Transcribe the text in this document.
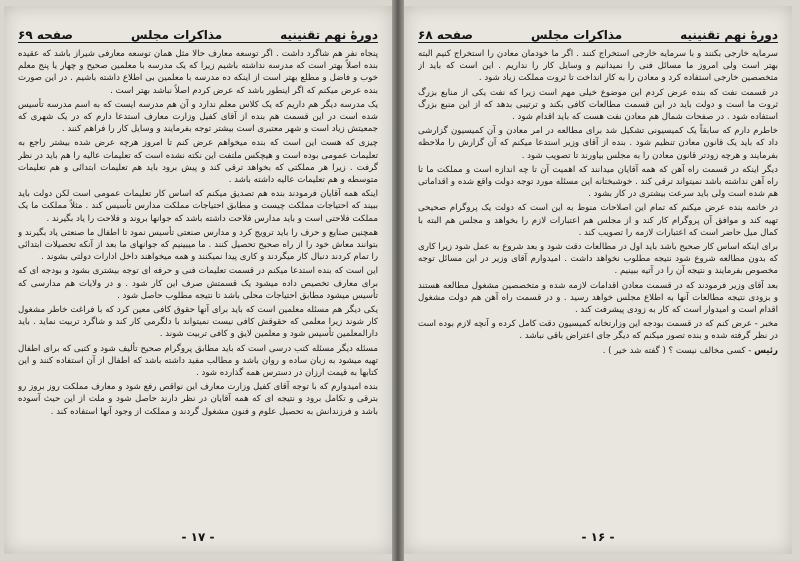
دورهٔ نهم تقنینیه
مذاکرات مجلس
صفحه ۶۹

پنجاه نفر هم شاگرد داشت . اگر توسعه معارف حالا مثل همان توسعه معارفی شیراز باشد که عقیده بنده اصلاً بهتر است که مدرسه نداشته باشیم زیرا که یک مدرسه با معلمین صحیح و چهار یا پنج معلم خوب و فاضل و مطلع بهتر است از اینکه ده مدرسه با معلمین بی اطلاع داشته باشیم . در این صورت بنده عرض میکنم که اگر اینطور باشد که عرض کردم اصلاً نباشد بهتر است .

یک مدرسه دیگر هم داریم که یک کلاس معلم ندارد و آن هم مدرسه ایست که به اسم مدرسه تأسیس شده است در این قسمت هم بنده از آقای کفیل وزارت معارف استدعا دارم که در یک شهری که جمعیتش زیاد است و شهر معتبری است بیشتر توجه بفرمایند و وسایل کار را فراهم کنند .

چیزی که هست این است که بنده میخواهم عرض کنم تا امروز هرچه عرض شده بیشتر راجع به تعلیمات عمومی بوده است و هیچکس ملتفت این نکته نشده است که تعلیمات عالیه را هم باید در نظر گرفت . زیرا هر مملکتی که بخواهد ترقی کند و پیش برود باید هم تعلیمات ابتدائی و هم تعلیمات متوسطه و هم تعلیمات عالیه داشته باشد .

اینکه همه آقایان فرمودند بنده هم تصدیق میکنم که اساس کار تعلیمات عمومی است لکن دولت باید ببیند که احتیاجات مملکت چیست و مطابق احتیاجات مملکت مدارس تأسیس کند . مثلاً مملکت ما یک مملکت فلاحتی است و باید مدارس فلاحت داشته باشد که جوانها بروند و فلاحت را یاد بگیرند .

همچنین صنایع و حرف را باید ترویج کرد و مدارس صنعتی تأسیس نمود تا اطفال ما صنعتی یاد بگیرند و بتوانند معاش خود را از راه صحیح تحصیل کنند . ما میبینیم که جوانهای ما بعد از آنکه تحصیلات ابتدائی را تمام کردند دنبال کار میگردند و کاری پیدا نمیکنند و همه میخواهند داخل ادارات دولتی بشوند .

این است که بنده استدعا میکنم در قسمت تعلیمات فنی و حرفه ای توجه بیشتری بشود و بودجه ای که برای معارف تخصیص داده میشود یک قسمتش صرف این کار شود . و در ولایات هم مدارسی که تأسیس میشود مطابق احتیاجات محلی باشد تا نتیجه مطلوب حاصل شود .

یکی دیگر هم مسئله معلمین است که باید برای آنها حقوق کافی معین کرد که با فراغت خاطر مشغول کار شوند زیرا معلمی که حقوقش کافی نیست نمیتواند با دلگرمی کار کند و شاگرد تربیت نماید . باید دارالمعلمین تأسیس شود و معلمین لایق و کافی تربیت شوند .

مسئله دیگر مسئله کتب درسی است که باید مطابق پروگرام صحیح تألیف شود و کتبی که برای اطفال تهیه میشود به زبان ساده و روان باشد و مطالب مفید داشته باشد که اطفال از آن استفاده کنند و این کتابها به قیمت ارزان در دسترس همه گذارده شود .

بنده امیدوارم که با توجه آقای کفیل وزارت معارف این نواقص رفع شود و معارف مملکت روز بروز رو بترقی و تکامل برود و نتیجه ای که همه آقایان در نظر دارند حاصل شود و ملت از این حیث آسوده باشد و فرزندانش به تحصیل علوم و فنون مشغول گردند و مملکت از وجود آنها استفاده کند .

- ۱۷ -
دورهٔ نهم تقنینیه
مذاکرات مجلس
صفحه ۶۸

سرمایه خارجی بکنند و با سرمایه خارجی استخراج کنند . اگر ما خودمان معادن را استخراج کنیم البته بهتر است ولی امروز ما مسائل فنی را نمیدانیم و وسایل کار را نداریم . این است که باید از متخصصین خارجی استفاده کرد و معادن را به کار انداخت تا ثروت مملکت زیاد شود .

در قسمت نفت که بنده عرض کردم این موضوع خیلی مهم است زیرا که نفت یکی از منابع بزرگ ثروت ما است و دولت باید در این قسمت مطالعات کافی بکند و ترتیبی بدهد که از این منبع بزرگ استفاده شود . در صفحات شمال هم معادن نفت هست که باید اقدام شود .

خاطرم دارم که سابقاً یک کمیسیونی تشکیل شد برای مطالعه در امر معادن و آن کمیسیون گزارشی داد که باید یک قانون معادن تنظیم شود . بنده از آقای وزیر استدعا میکنم که آن گزارش را ملاحظه بفرمایند و هرچه زودتر قانون معادن را به مجلس بیاورند تا تصویب شود .

دیگر اینکه در قسمت راه آهن که همه آقایان میدانند که اهمیت آن تا چه اندازه است و مملکت ما تا راه آهن نداشته باشد نمیتواند ترقی کند . خوشبختانه این مسئله مورد توجه دولت واقع شده و اقداماتی هم شده است ولی باید سرعت بیشتری در کار بشود .

در خاتمه بنده عرض میکنم که تمام این اصلاحات منوط به این است که دولت یک پروگرام صحیحی تهیه کند و موافق آن پروگرام کار کند و از مجلس هم اعتبارات لازم را بخواهد و مجلس هم البته با کمال میل حاضر است که اعتبارات لازمه را تصویب کند .

برای اینکه اساس کار صحیح باشد باید اول در مطالعات دقت شود و بعد شروع به عمل شود زیرا کاری که بدون مطالعه شروع شود نتیجه مطلوب نخواهد داشت . امیدوارم آقای وزیر در این مسائل توجه مخصوص بفرمایند و نتیجه آن را در آتیه ببینیم .

بعد آقای وزیر فرمودند که در قسمت معادن اقدامات لازمه شده و متخصصین مشغول مطالعه هستند و بزودی نتیجه مطالعات آنها به اطلاع مجلس خواهد رسید . و در قسمت راه آهن هم دولت مشغول اقدام است و امیدوار است که کار به زودی پیشرفت کند .

مخبر - عرض کنم که در قسمت بودجه این وزارتخانه کمیسیون دقت کامل کرده و آنچه لازم بوده است در نظر گرفته شده و بنده تصور میکنم که دیگر جای اعتراض باقی نباشد .

رئیس - کسی مخالف نیست ؟ ( گفته شد خیر ) .

- ۱۶ -
